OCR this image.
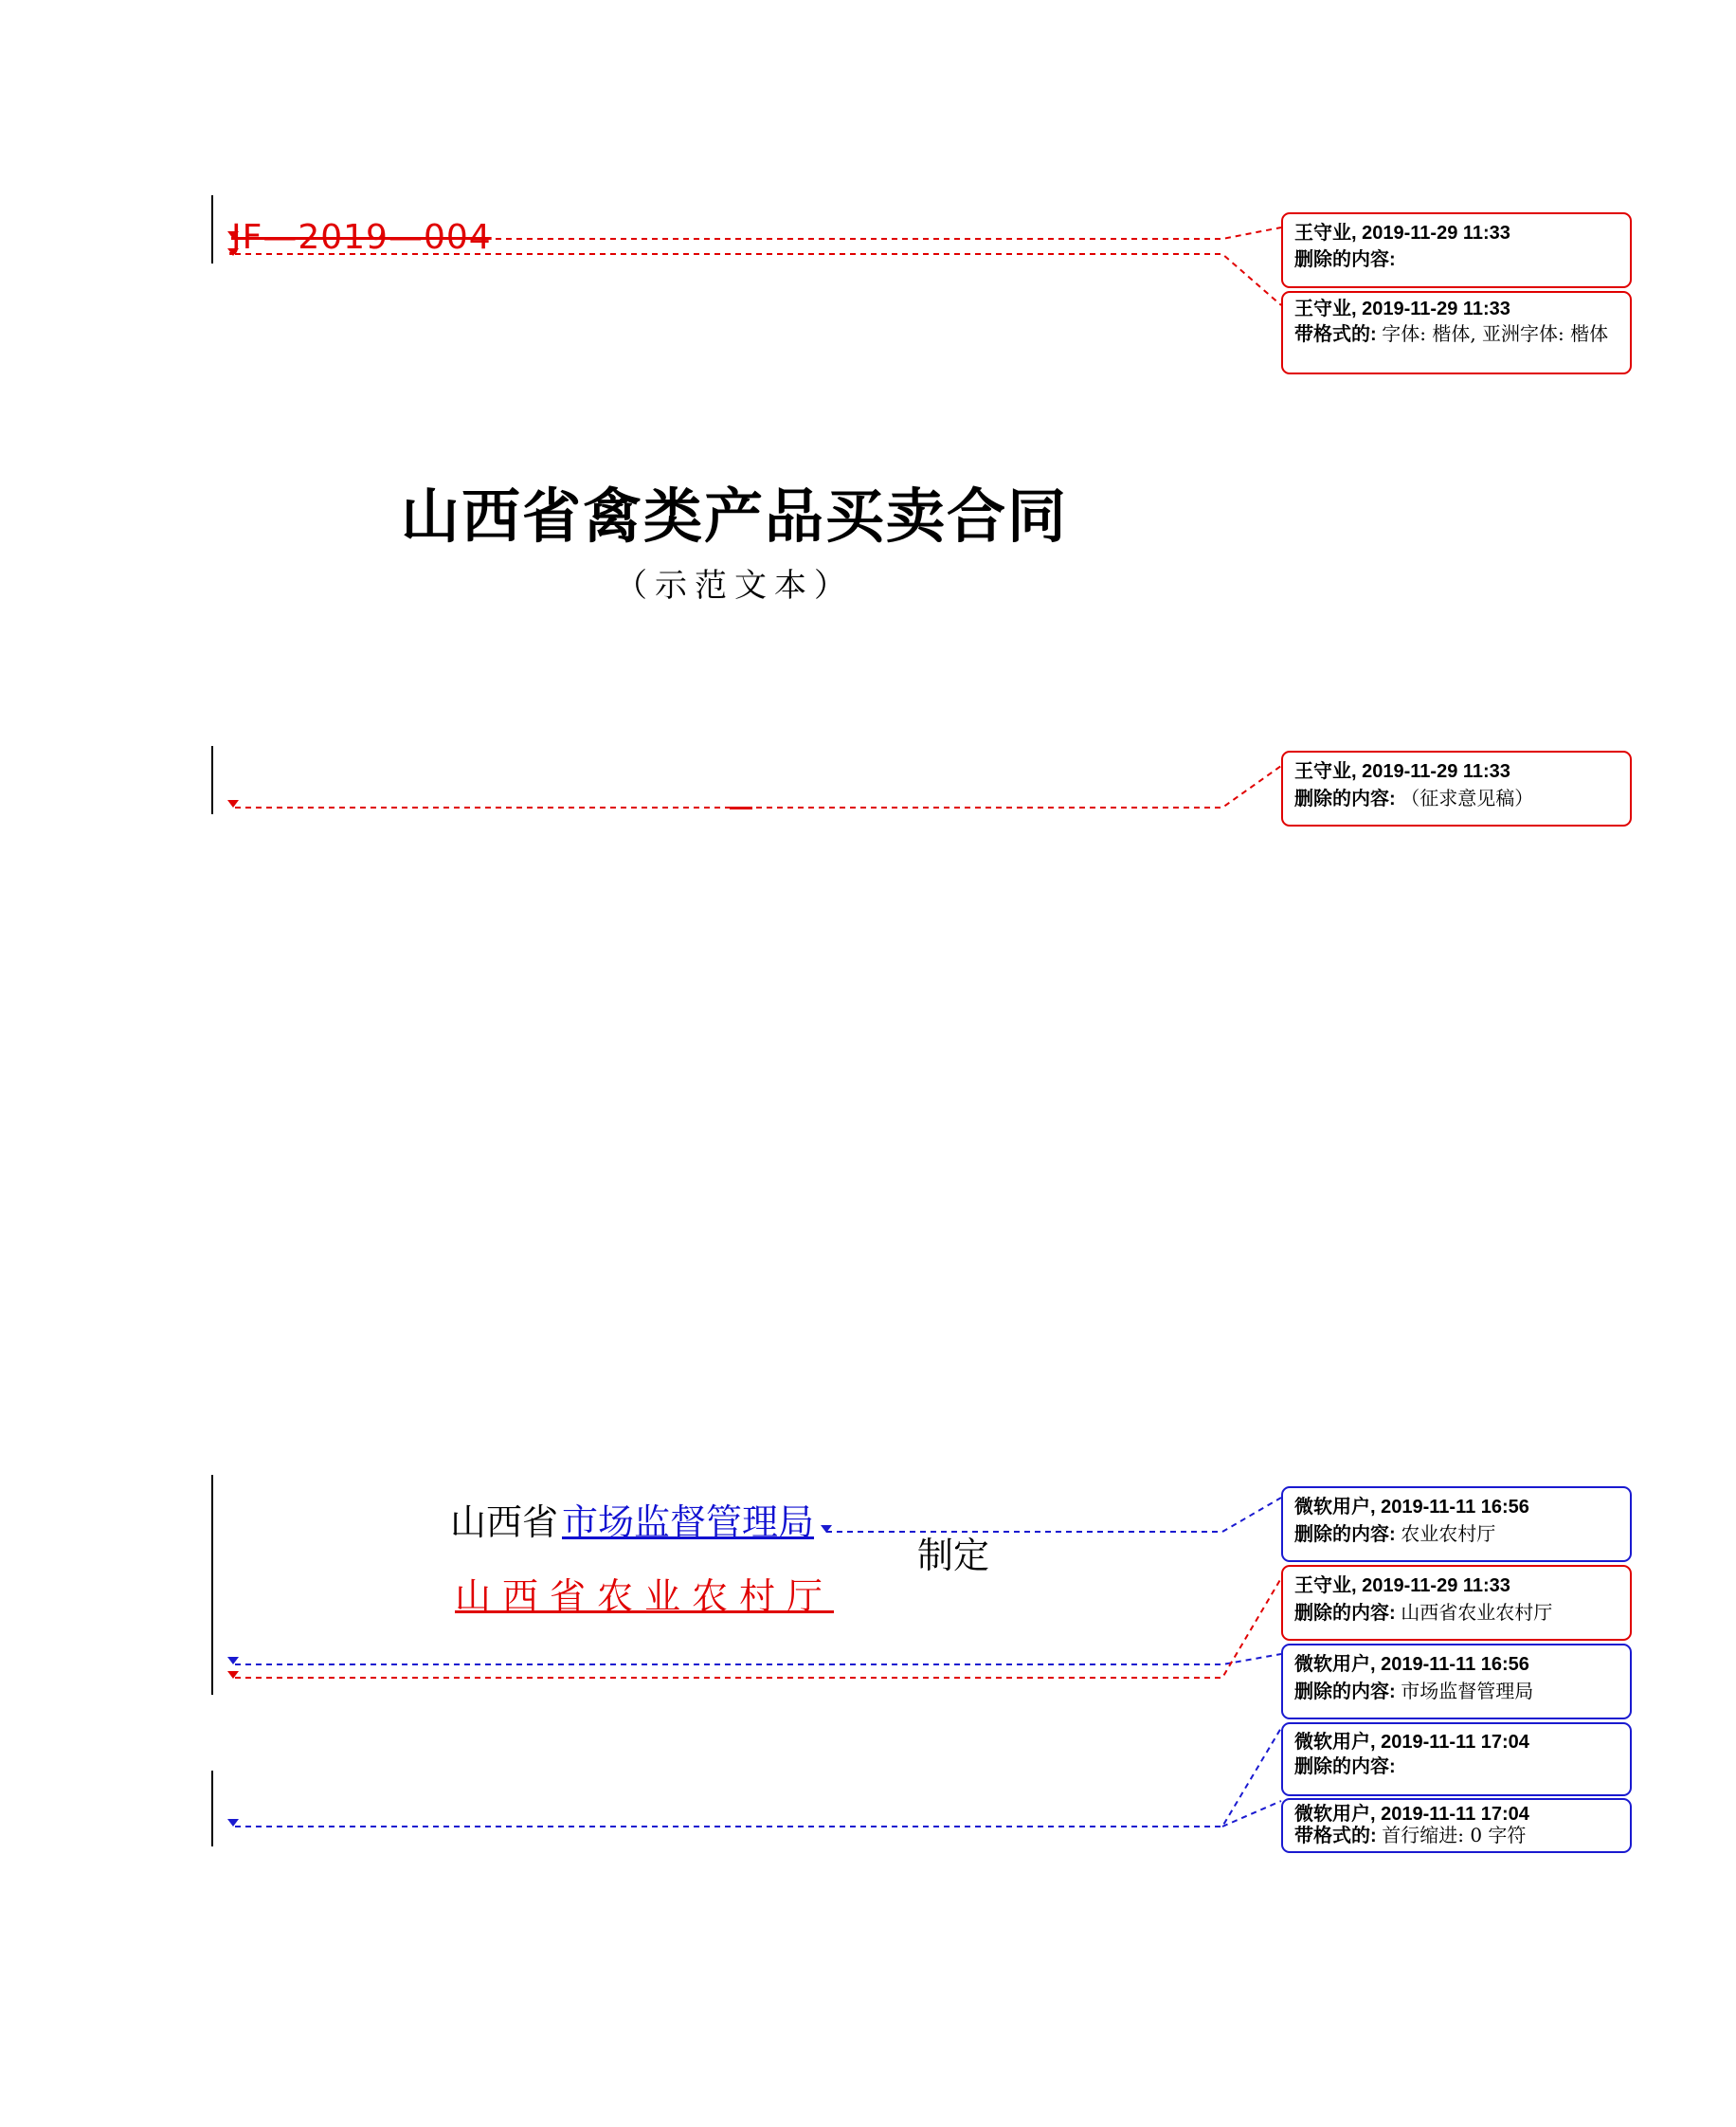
JF—2019—004
山西省禽类产品买卖合同
（示范文本）
山西省 市场监督管理局
制定
山西省农业农村厅
王守业, 2019-11-29 11:33
删除的内容:
王守业, 2019-11-29 11:33
带格式的: 字体: 楷体, 亚洲字体: 楷体
王守业, 2019-11-29 11:33
删除的内容: （征求意见稿）
微软用户, 2019-11-11 16:56
删除的内容: 农业农村厅
王守业, 2019-11-29 11:33
删除的内容: 山西省农业农村厅
微软用户, 2019-11-11 16:56
删除的内容: 市场监督管理局
微软用户, 2019-11-11 17:04
删除的内容:
微软用户, 2019-11-11 17:04
带格式的: 首行缩进: 0 字符
